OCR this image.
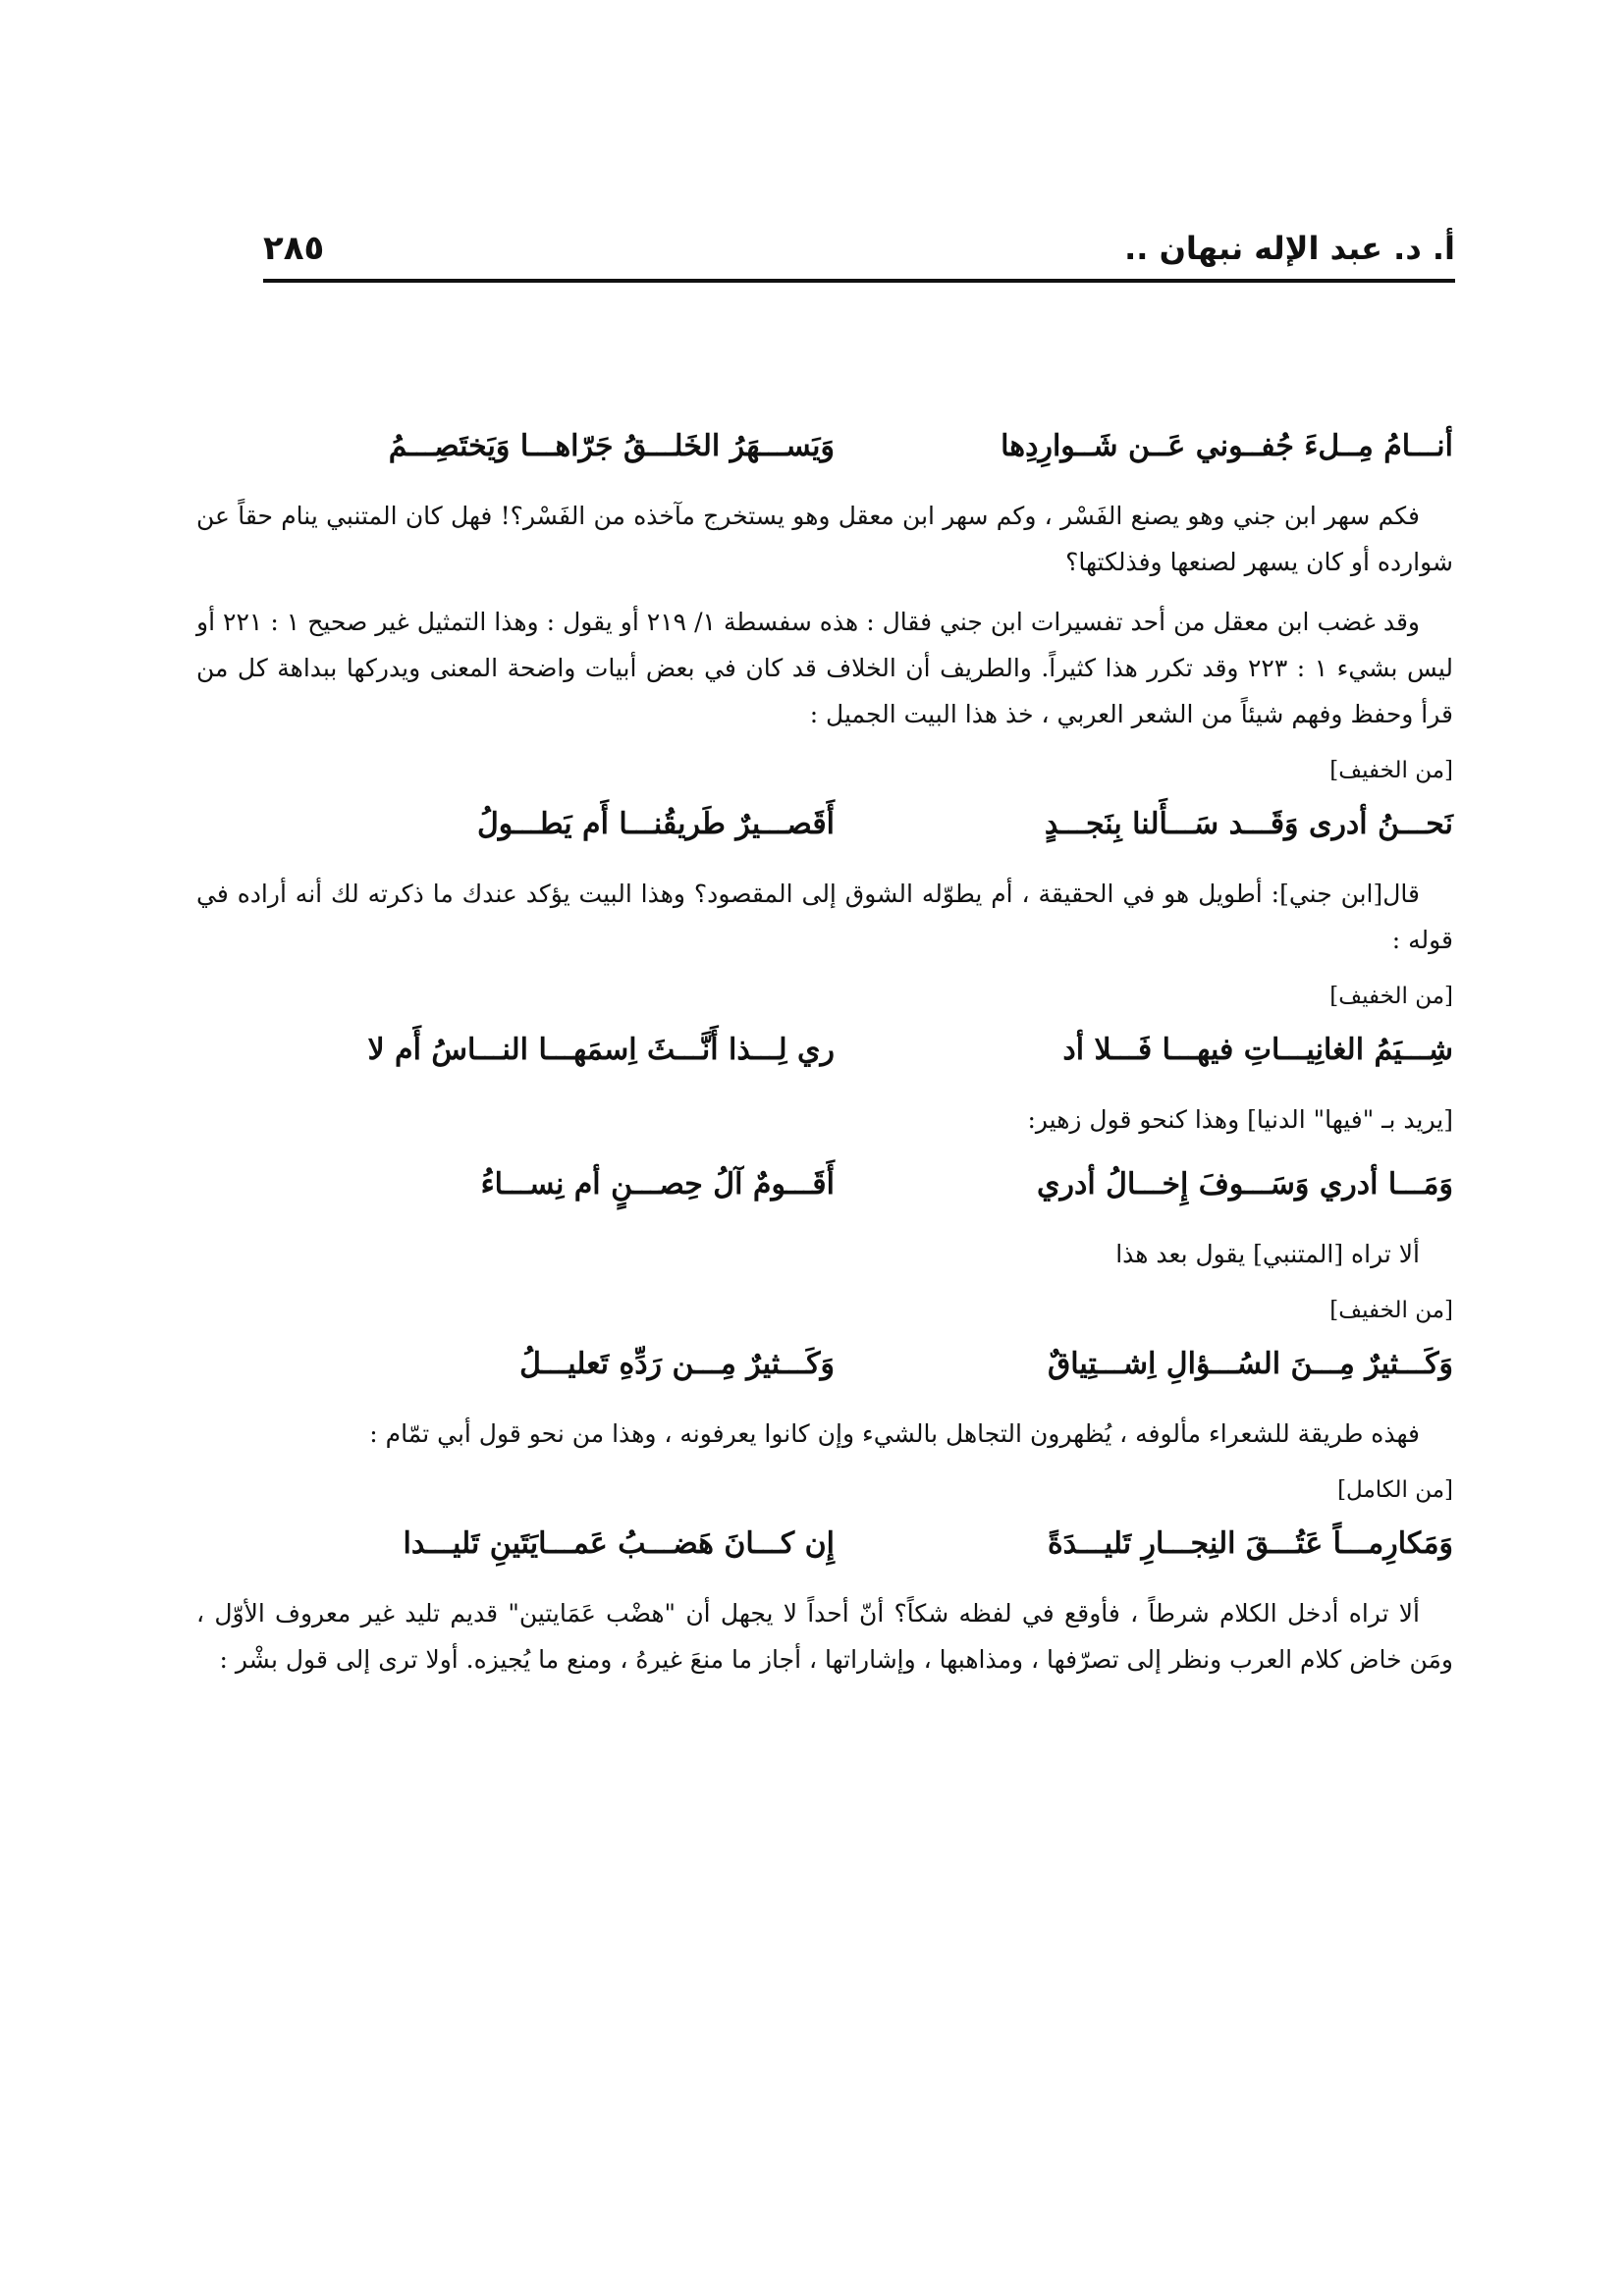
أ. د. عبد الإله نبهان ..
٢٨٥
أنـــامُ مِــلءَ جُفــوني عَــن شَــوارِدِها
وَيَســـهَرُ الخَلـــقُ جَرّاهـــا وَيَختَصِـــمُ

فكم سهر ابن جني وهو يصنع الفَسْر ، وكم سهر ابن معقل وهو يستخرج مآخذه من الفَسْر؟! فهل كان المتنبي ينام حقاً عن شوارده أو كان يسهر لصنعها وفذلكتها؟

وقد غضب ابن معقل من أحد تفسيرات ابن جني فقال : هذه سفسطة ١/ ٢١٩ أو يقول : وهذا التمثيل غير صحيح ١ : ٢٢١ أو ليس بشيء ١ : ٢٢٣ وقد تكرر هذا كثيراً. والطريف أن الخلاف قد كان في بعض أبيات واضحة المعنى ويدركها ببداهة كل من قرأ وحفظ وفهم شيئاً من الشعر العربي ، خذ هذا البيت الجميل :

[من الخفيف]
نَحـــنُ أدرى وَقَـــد سَـــأَلنا بِنَجـــدٍ
أَقَصـــيرٌ طَريقُنـــا أَم يَطـــولُ

قال[ابن جني]: أطويل هو في الحقيقة ، أم يطوّله الشوق إلى المقصود؟ وهذا البيت يؤكد عندك ما ذكرته لك أنه أراده في قوله :

[من الخفيف]
شِـــيَمُ الغانِيـــاتِ فيهـــا فَـــلا أد
ري لِـــذا أَنَّـــثَ اِسمَهـــا النـــاسُ أَم لا

[يريد بـ "فيها" الدنيا] وهذا كنحو قول زهير:

وَمَـــا أدري وَسَـــوفَ إِخـــالُ أدري
أَقَـــومٌ آلُ حِصـــنٍ أم نِســـاءُ

ألا تراه [المتنبي] يقول بعد هذا

[من الخفيف]
وَكَـــثيرٌ مِـــنَ السُـــؤالِ اِشـــتِياقٌ
وَكَـــثيرٌ مِـــن رَدِّهِ تَعليـــلُ

فهذه طريقة للشعراء مألوفه ، يُظهرون التجاهل بالشيء وإن كانوا يعرفونه ، وهذا من نحو قول أبي تمّام :

[من الكامل]
وَمَكارِمـــاً عَتُـــقَ النِجـــارِ تَليـــدَةً
إِن كـــانَ هَضـــبُ عَمـــايَتَينِ تَليـــدا

ألا تراه أدخل الكلام شرطاً ، فأوقع في لفظه شكاً؟ أنّ أحداً لا يجهل أن "هضْب عَمَايتين" قديم تليد غير معروف الأوّل ، ومَن خاض كلام العرب ونظر إلى تصرّفها ، ومذاهبها ، وإشاراتها ، أجاز ما منعَ غيرهُ ، ومنع ما يُجيزه. أولا ترى إلى قول بشْر :
